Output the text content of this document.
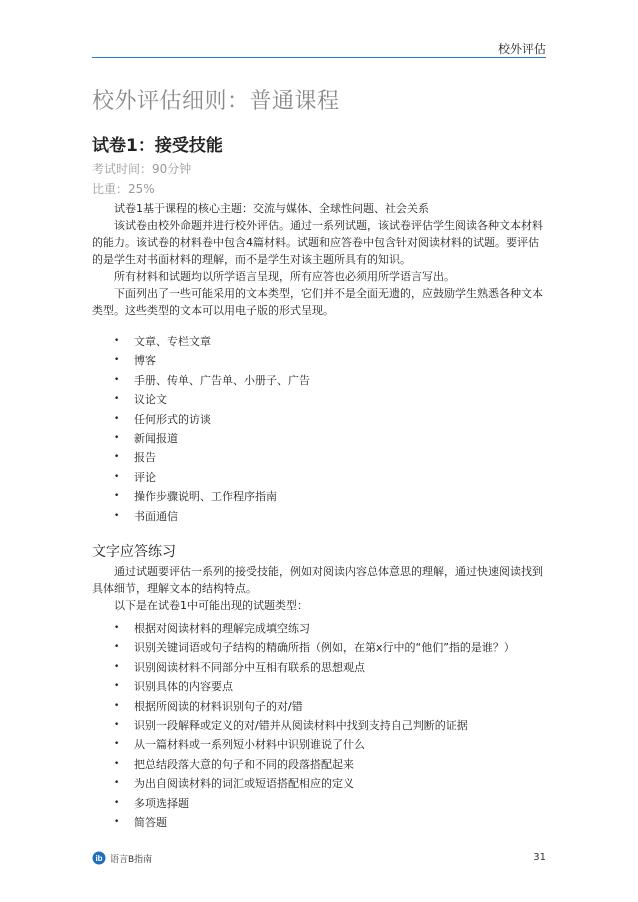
校外评估
校外评估细则：普通课程
试卷1：接受技能
考试时间：90分钟
比重：25%

试卷1基于课程的核心主题：交流与媒体、全球性问题、社会关系

该试卷由校外命题并进行校外评估。通过一系列试题，该试卷评估学生阅读各种文本材料的能力。该试卷的材料卷中包含4篇材料。试题和应答卷中包含针对阅读材料的试题。要评估的是学生对书面材料的理解，而不是学生对该主题所具有的知识。

所有材料和试题均以所学语言呈现，所有应答也必须用所学语言写出。

下面列出了一些可能采用的文本类型，它们并不是全面无遗的，应鼓励学生熟悉各种文本类型。这些类型的文本可以用电子版的形式呈现。

• 文章、专栏文章
• 博客
• 手册、传单、广告单、小册子、广告
• 议论文
• 任何形式的访谈
• 新闻报道
• 报告
• 评论
• 操作步骤说明、工作程序指南
• 书面通信
文字应答练习

通过试题要评估一系列的接受技能，例如对阅读内容总体意思的理解，通过快速阅读找到具体细节，理解文本的结构特点。

以下是在试卷1中可能出现的试题类型：

• 根据对阅读材料的理解完成填空练习
• 识别关键词语或句子结构的精确所指（例如，在第x行中的“他们”指的是谁？）
• 识别阅读材料不同部分中互相有联系的思想观点
• 识别具体的内容要点
• 根据所阅读的材料识别句子的对/错
• 识别一段解释或定义的对/错并从阅读材料中找到支持自己判断的证据
• 从一篇材料或一系列短小材料中识别谁说了什么
• 把总结段落大意的句子和不同的段落搭配起来
• 为出自阅读材料的词汇或短语搭配相应的定义
• 多项选择题
• 简答题
ib 语言B指南	31
